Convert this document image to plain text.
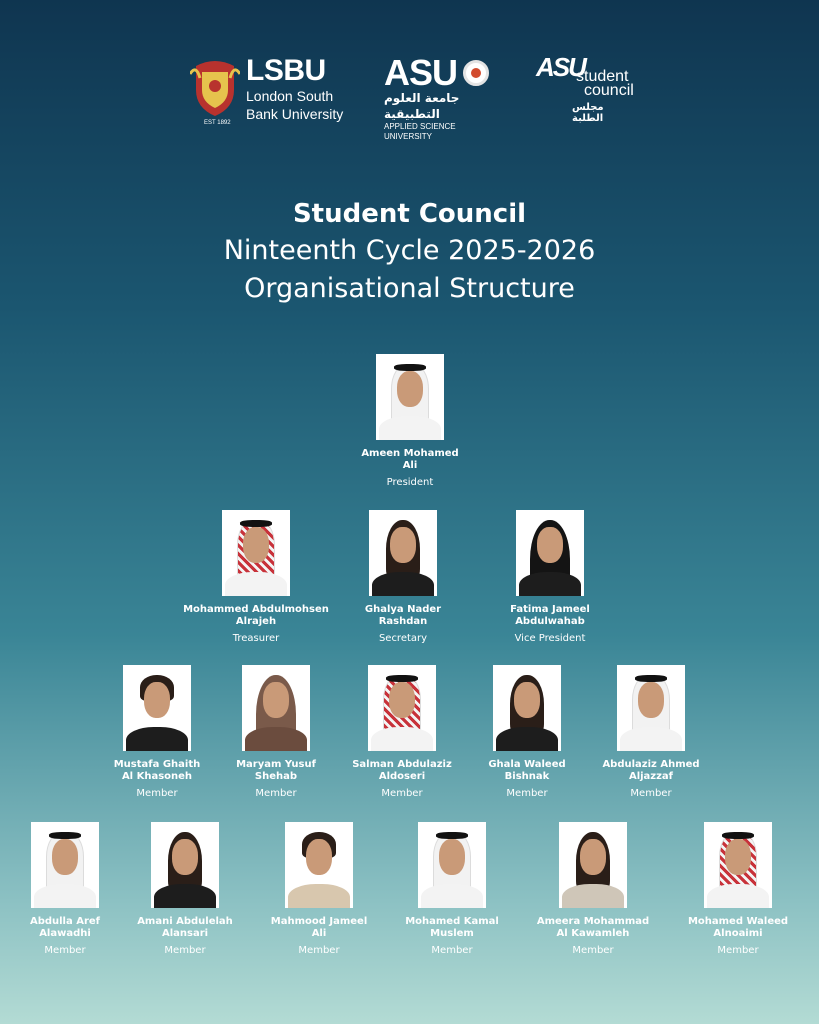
LSBU
London South
Bank University
EST 1892
ASU
جامعة العلوم التطبيقية
APPLIED SCIENCE UNIVERSITY
ASU
student
council
مجلس الطلبة
Student Council
Ninteenth Cycle 2025-2026
Organisational Structure
Ameen Mohamed
Ali
President
Mohammed Abdulmohsen
Alrajeh
Treasurer
Ghalya Nader
Rashdan
Secretary
Fatima Jameel
Abdulwahab
Vice President
Mustafa Ghaith
Al Khasoneh
Member
Maryam Yusuf
Shehab
Member
Salman Abdulaziz
Aldoseri
Member
Ghala Waleed
Bishnak
Member
Abdulaziz Ahmed
Aljazzaf
Member
Abdulla Aref
Alawadhi
Member
Amani Abdulelah
Alansari
Member
Mahmood Jameel
Ali
Member
Mohamed Kamal
Muslem
Member
Ameera Mohammad
Al Kawamleh
Member
Mohamed Waleed
Alnoaimi
Member
